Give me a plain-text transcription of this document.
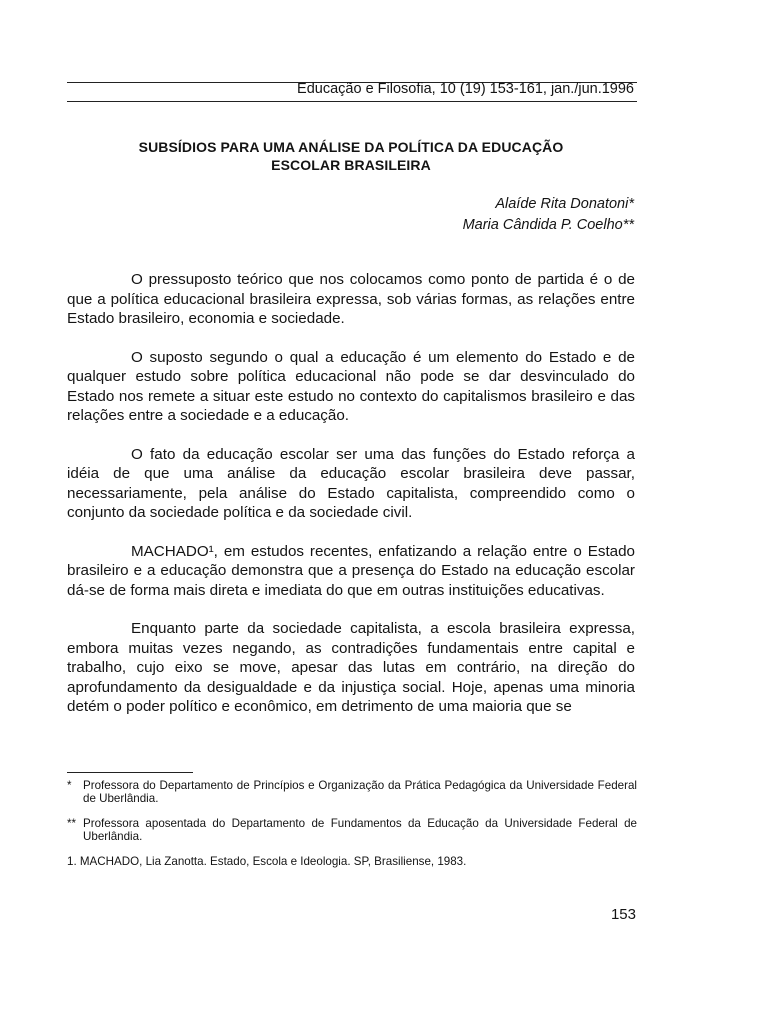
Educação e Filosofia, 10 (19) 153-161, jan./jun.1996
SUBSÍDIOS PARA UMA ANÁLISE DA POLÍTICA DA EDUCAÇÃO
ESCOLAR BRASILEIRA
Alaíde Rita Donatoni*
Maria Cândida P. Coelho**

O pressuposto teórico que nos colocamos como ponto de partida é o de que a política educacional brasileira expressa, sob várias formas, as relações entre Estado brasileiro, economia e sociedade.

O suposto segundo o qual a educação é um elemento do Estado e de qualquer estudo sobre política educacional não pode se dar desvinculado do Estado nos remete a situar este estudo no contexto do capitalismos brasileiro e das relações entre a sociedade e a educação.

O fato da educação escolar ser uma das funções do Estado reforça a idéia de que uma análise da educação escolar brasileira deve passar, necessariamente, pela análise do Estado capitalista, compreendido como o conjunto da sociedade política e da sociedade civil.

MACHADO¹, em estudos recentes, enfatizando a relação entre o Estado brasileiro e a educação demonstra que a presença do Estado na educação escolar dá-se de forma mais direta e imediata do que em outras instituições educativas.

Enquanto parte da sociedade capitalista, a escola brasileira expressa, embora muitas vezes negando, as contradições fundamentais entre capital e trabalho, cujo eixo se move, apesar das lutas em contrário, na direção do aprofundamento da desigualdade e da injustiça social. Hoje, apenas uma minoria detém o poder político e econômico, em detrimento de uma maioria que se

* Professora do Departamento de Princípios e Organização da Prática Pedagógica da Universidade Federal de Uberlândia.
** Professora aposentada do Departamento de Fundamentos da Educação da Universidade Federal de Uberlândia.
1. MACHADO, Lia Zanotta. Estado, Escola e Ideologia. SP, Brasiliense, 1983.
153
